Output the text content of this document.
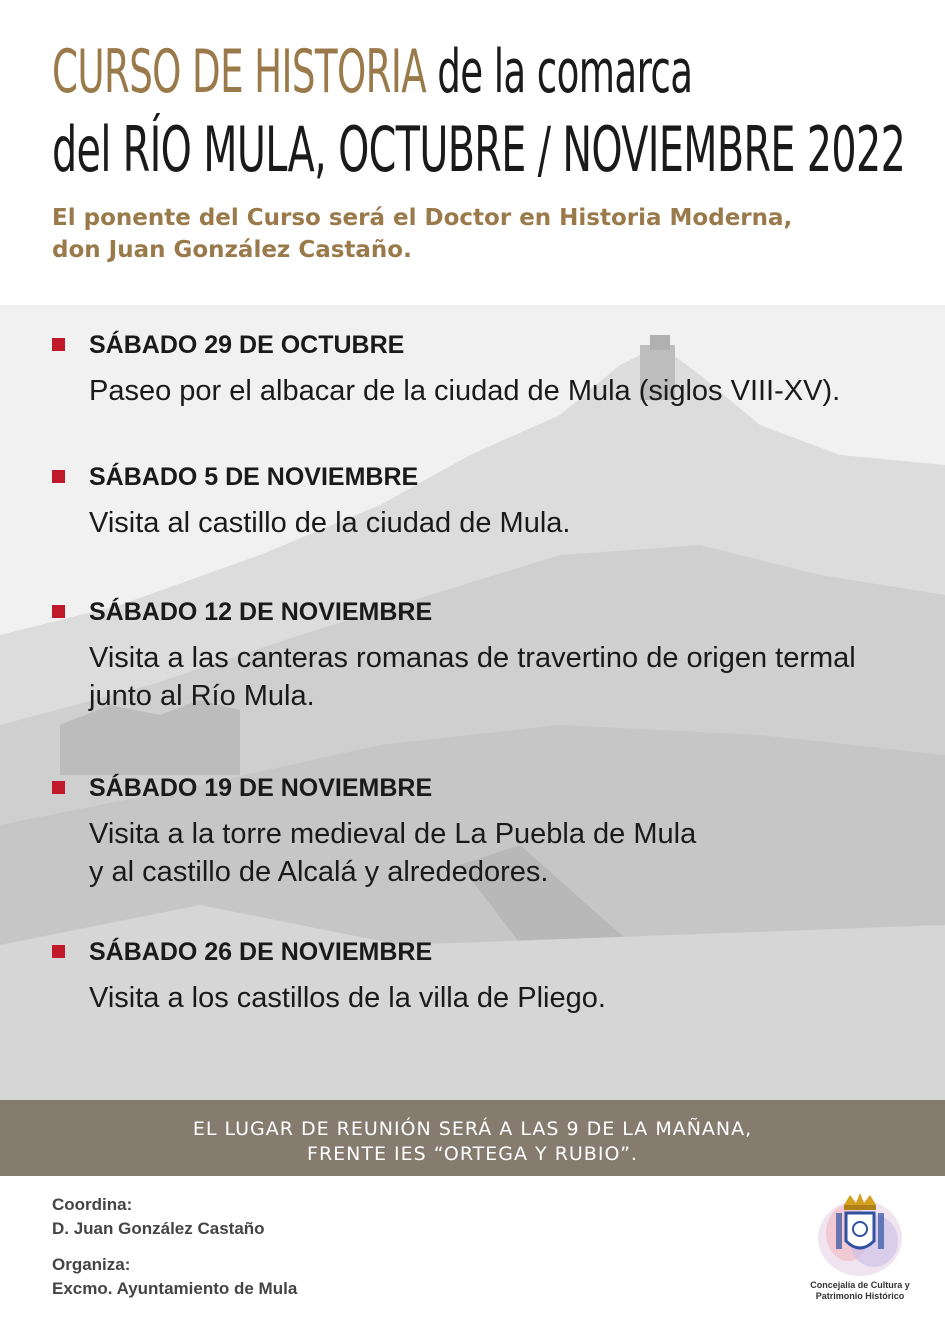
CURSO DE HISTORIA de la comarca
del RÍO MULA, OCTUBRE / NOVIEMBRE 2022
El ponente del Curso será el Doctor en Historia Moderna,
don Juan González Castaño.
SÁBADO 29 DE OCTUBRE
Paseo por el albacar de la ciudad de Mula (siglos VIII-XV).
SÁBADO 5 DE NOVIEMBRE
Visita al castillo de la ciudad de Mula.
SÁBADO 12 DE NOVIEMBRE
Visita a las canteras romanas de travertino de origen termal
junto al Río Mula.
SÁBADO 19 DE NOVIEMBRE
Visita a la torre medieval de La Puebla de Mula
y al castillo de Alcalá y alrededores.
SÁBADO 26 DE NOVIEMBRE
Visita a los castillos de la villa de Pliego.
EL LUGAR DE REUNIÓN SERÁ A LAS 9 DE LA MAÑANA,
FRENTE IES “ORTEGA Y RUBIO”.
Coordina:
D. Juan González Castaño
Organiza:
Excmo. Ayuntamiento de Mula	Concejalía de Cultura y
Patrimonio Histórico
